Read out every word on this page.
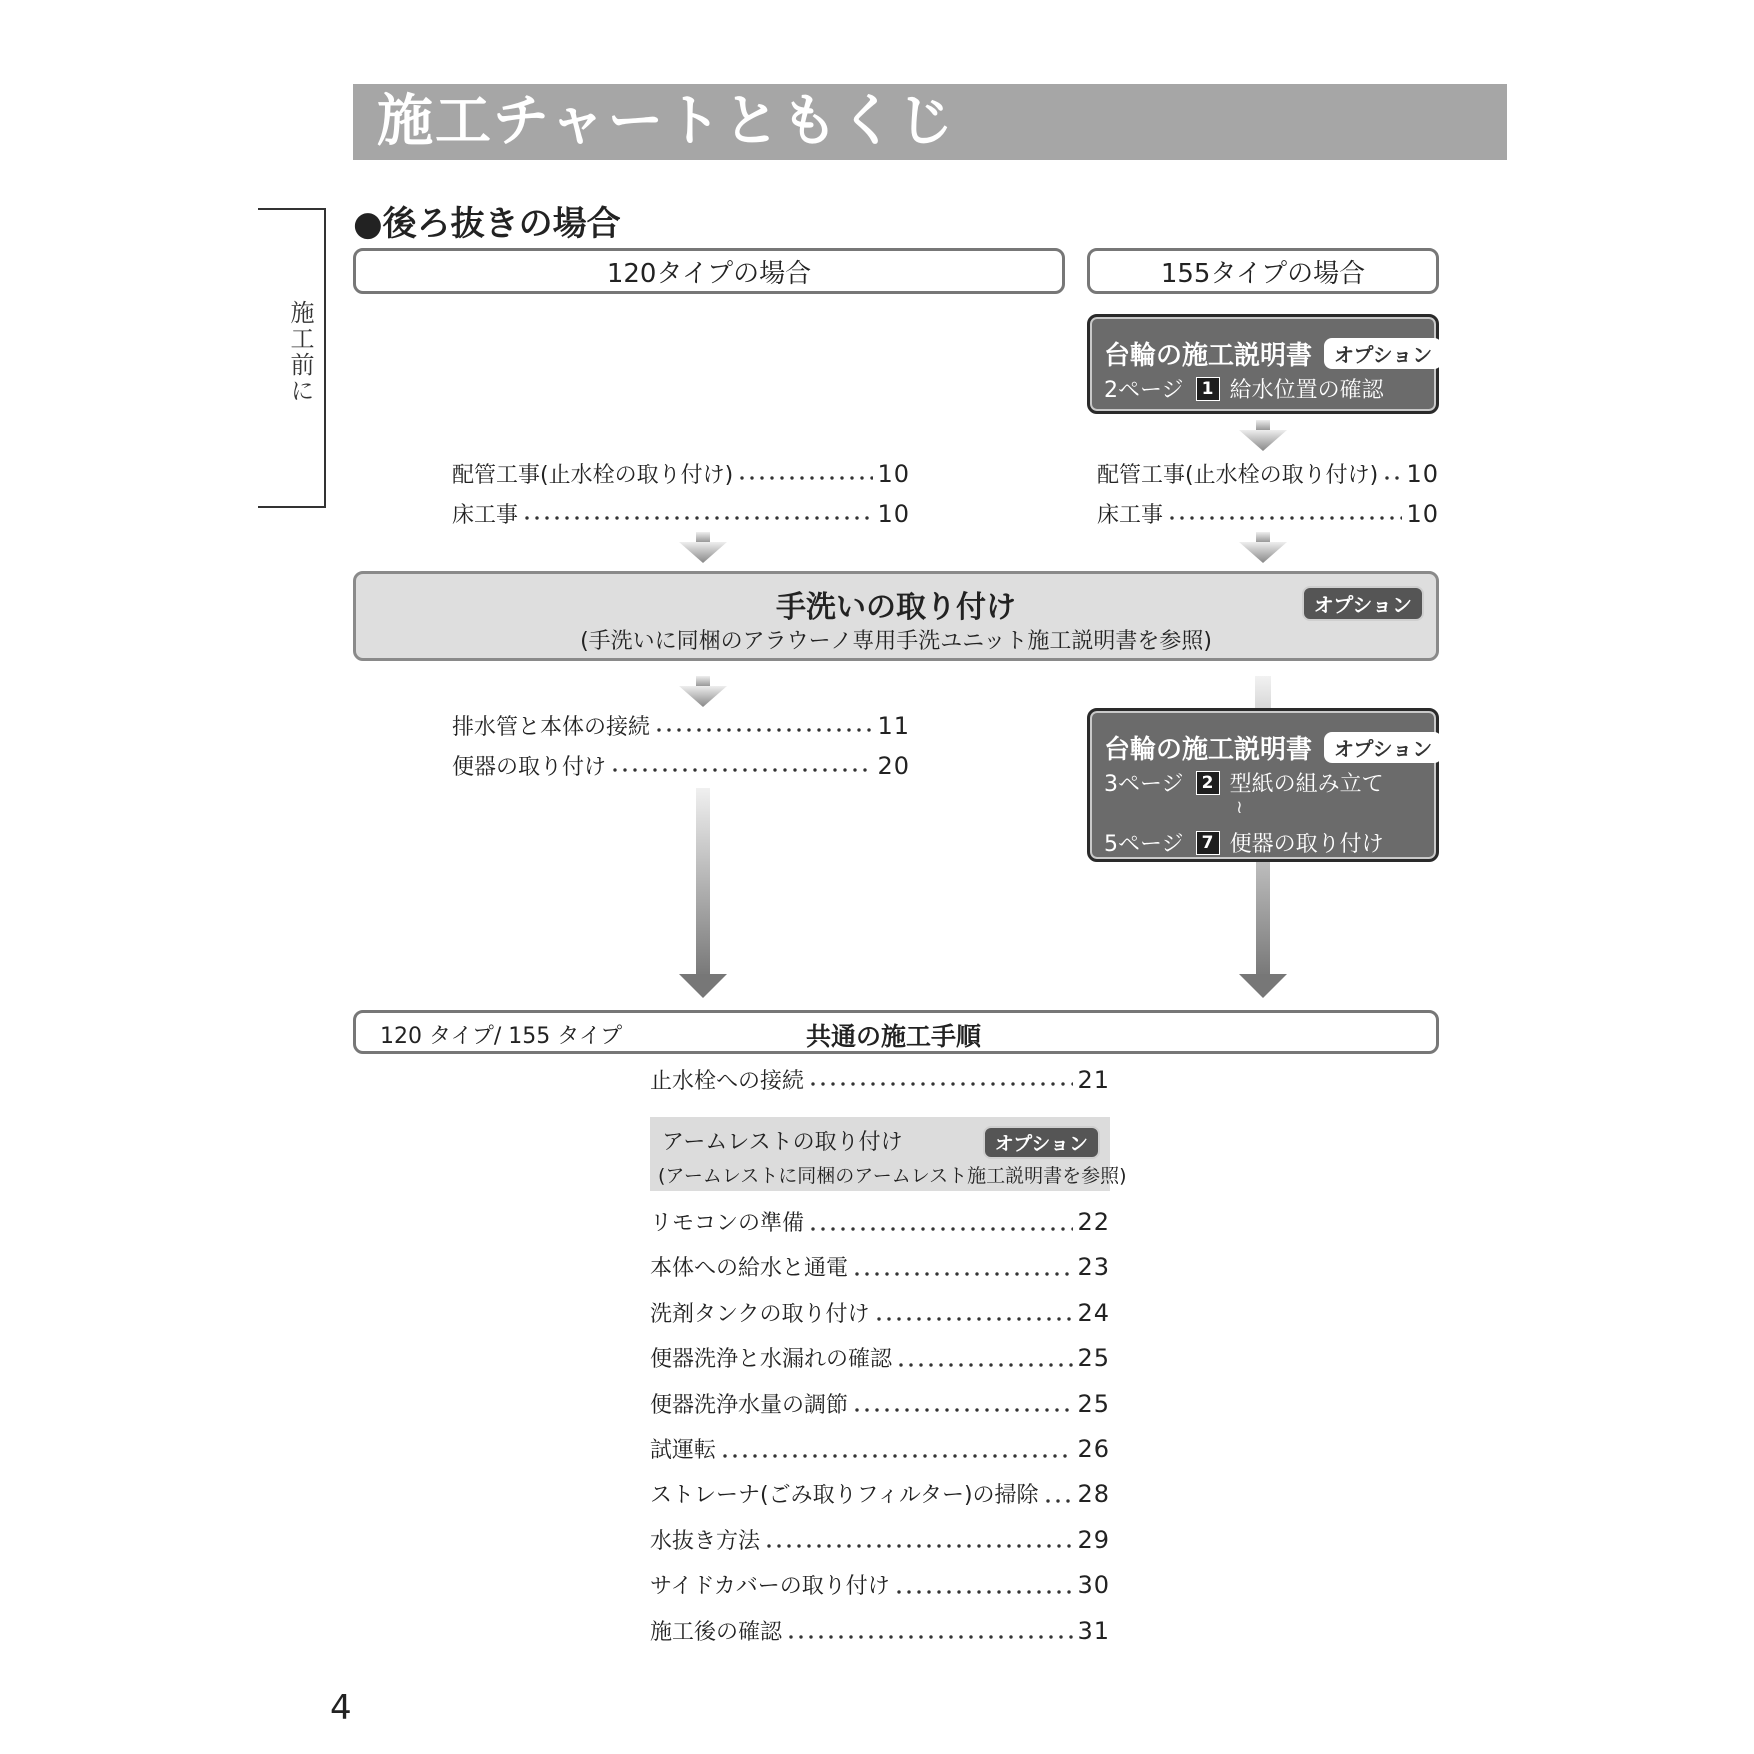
施工チャートともくじ
施工前に
●後ろ抜きの場合
120タイプの場合	155タイプの場合
台輪の施工説明書	オプション
2ページ	1 給水位置の確認
配管工事(止水栓の取り付け)	10
床工事	10
配管工事(止水栓の取り付け) 10
床工事	10
手洗いの取り付け
(手洗いに同梱のアラウーノ専用手洗ユニット施工説明書を参照)
オプション
排水管と本体の接続	11
便器の取り付け	20
台輪の施工説明書	オプション
3ページ	2 型紙の組み立て
≀
5ページ	7 便器の取り付け
120 タイプ/ 155 タイプ	共通の施工手順
止水栓への接続	21
アームレストの取り付け	オプション
(アームレストに同梱のアームレスト施工説明書を参照)
リモコンの準備	22
本体への給水と通電	23
洗剤タンクの取り付け	24
便器洗浄と水漏れの確認	25
便器洗浄水量の調節	25
試運転	26
ストレーナ(ごみ取りフィルター)の掃除 28
水抜き方法	29
サイドカバーの取り付け	30
施工後の確認	31
4
